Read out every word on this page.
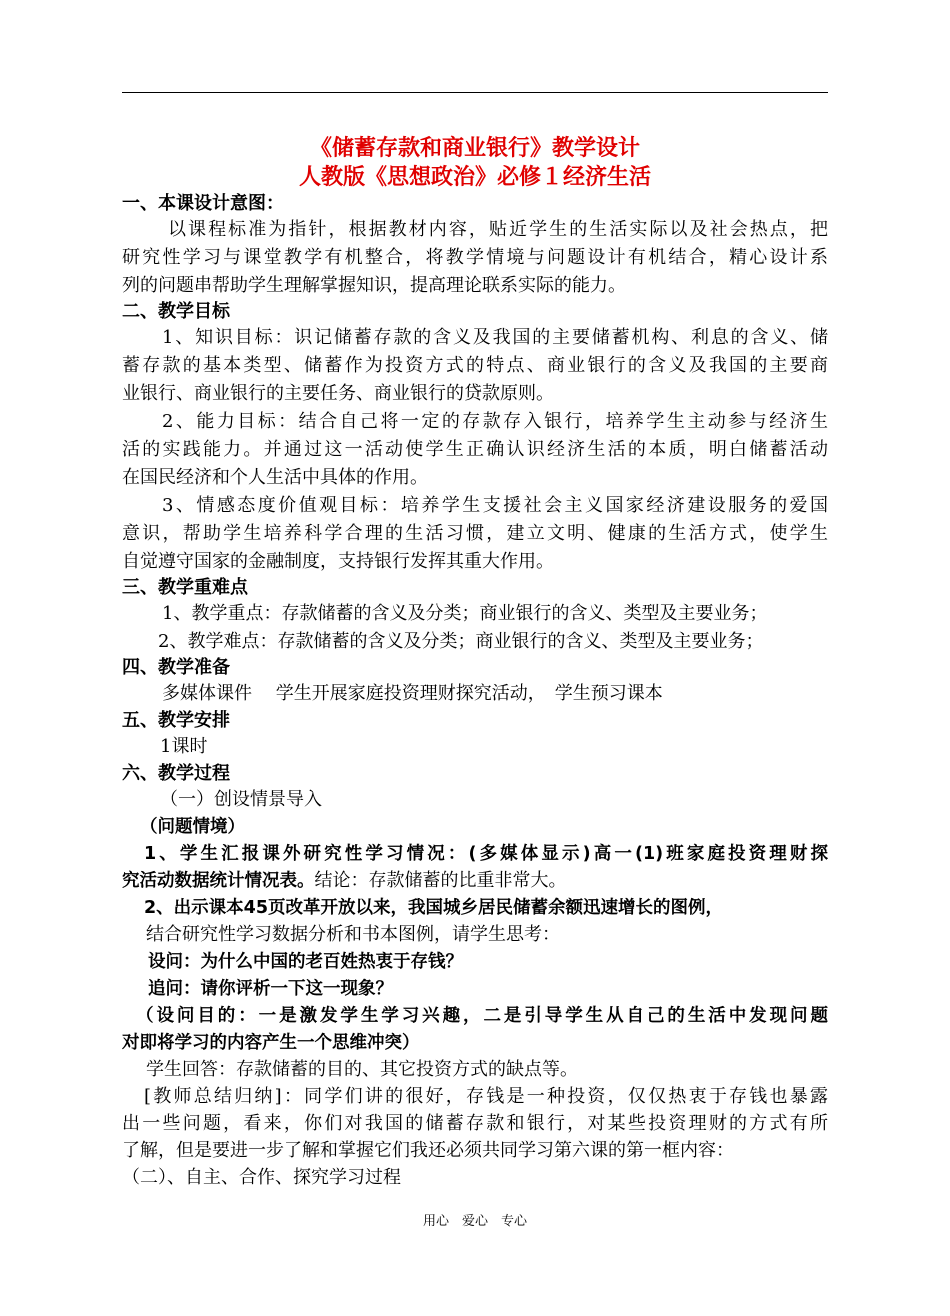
《储蓄存款和商业银行》教学设计
人教版《思想政治》必修１经济生活
一、本课设计意图：
以课程标准为指针，根据教材内容，贴近学生的生活实际以及社会热点，把
研究性学习与课堂教学有机整合，将教学情境与问题设计有机结合，精心设计系
列的问题串帮助学生理解掌握知识，提高理论联系实际的能力。
二、教学目标
1、知识目标：识记储蓄存款的含义及我国的主要储蓄机构、利息的含义、储
蓄存款的基本类型、储蓄作为投资方式的特点、商业银行的含义及我国的主要商
业银行、商业银行的主要任务、商业银行的贷款原则。
2、能力目标：结合自己将一定的存款存入银行，培养学生主动参与经济生
活的实践能力。并通过这一活动使学生正确认识经济生活的本质，明白储蓄活动
在国民经济和个人生活中具体的作用。
3、情感态度价值观目标：培养学生支援社会主义国家经济建设服务的爱国
意识，帮助学生培养科学合理的生活习惯，建立文明、健康的生活方式，使学生
自觉遵守国家的金融制度，支持银行发挥其重大作用。
三、教学重难点
1、教学重点：存款储蓄的含义及分类；商业银行的含义、类型及主要业务；
2、教学难点：存款储蓄的含义及分类；商业银行的含义、类型及主要业务；
四、教学准备
多媒体课件　 学生开展家庭投资理财探究活动，　学生预习课本
五、教学安排
1课时
六、教学过程
（一）创设情景导入
（问题情境）
1、学生汇报课外研究性学习情况：(多媒体显示)高一(1)班家庭投资理财探
究活动数据统计情况表。结论：存款储蓄的比重非常大。
2、出示课本45页改革开放以来，我国城乡居民储蓄余额迅速增长的图例，
结合研究性学习数据分析和书本图例，请学生思考：
设问：为什么中国的老百姓热衷于存钱？
追问：请你评析一下这一现象？
（设问目的：一是激发学生学习兴趣，二是引导学生从自己的生活中发现问题
对即将学习的内容产生一个思维冲突）
学生回答：存款储蓄的目的、其它投资方式的缺点等。
[教师总结归纳]：同学们讲的很好，存钱是一种投资，仅仅热衷于存钱也暴露
出一些问题，看来，你们对我国的储蓄存款和银行，对某些投资理财的方式有所
了解，但是要进一步了解和掌握它们我还必须共同学习第六课的第一框内容：
（二）、自主、合作、探究学习过程
用心　爱心　专心
